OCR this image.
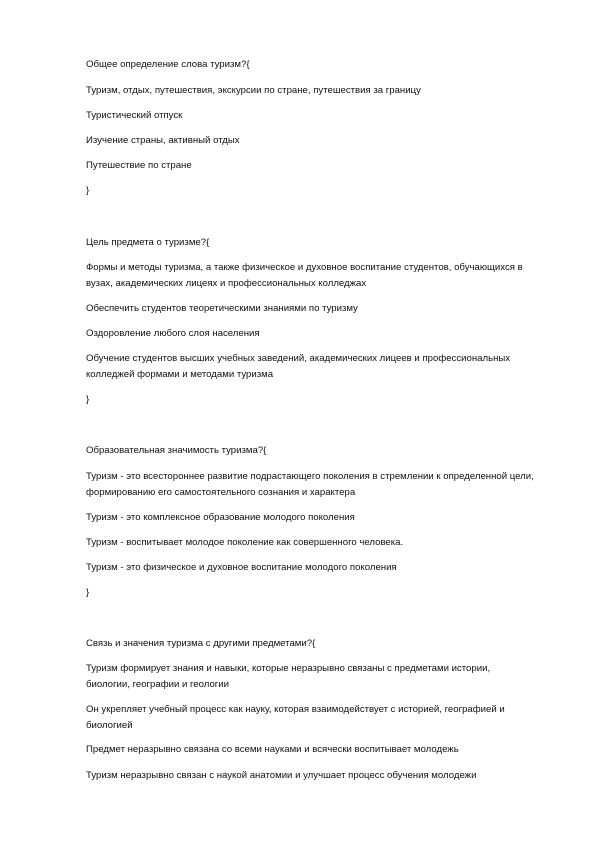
Общее определение слова туризм?{

Туризм, отдых, путешествия, экскурсии по стране, путешествия за границу

Туристический отпуск

Изучение страны, активный отдых

Путешествие по стране

}

Цель предмета о туризме?{

Формы и методы туризма, а также физическое и духовное воспитание студентов, обучающихся в вузах, академических лицеях и профессиональных колледжах

Обеспечить студентов теоретическими знаниями по туризму

Оздоровление любого слоя населения

Обучение студентов высших учебных заведений, академических лицеев и профессиональных колледжей формами и методами туризма

}

Образовательная значимость туризма?{

Туризм - это всестороннее развитие подрастающего поколения в стремлении к определенной цели, формированию его самостоятельного сознания и характера

Туризм - это комплексное образование молодого поколения

Туризм - воспитывает молодое поколение как совершенного человека.

Туризм - это физическое и духовное воспитание молодого поколения

}

Связь и значения туризма с другими предметами?{

Туризм формирует знания и навыки, которые неразрывно связаны с предметами истории, биологии, географии и геологии

Он укрепляет учебный процесс как науку, которая взаимодействует с историей, географией и биологией

Предмет неразрывно связана со всеми науками и всячески воспитывает молодежь

Туризм неразрывно связан с наукой анатомии и улучшает процесс обучения молодежи
